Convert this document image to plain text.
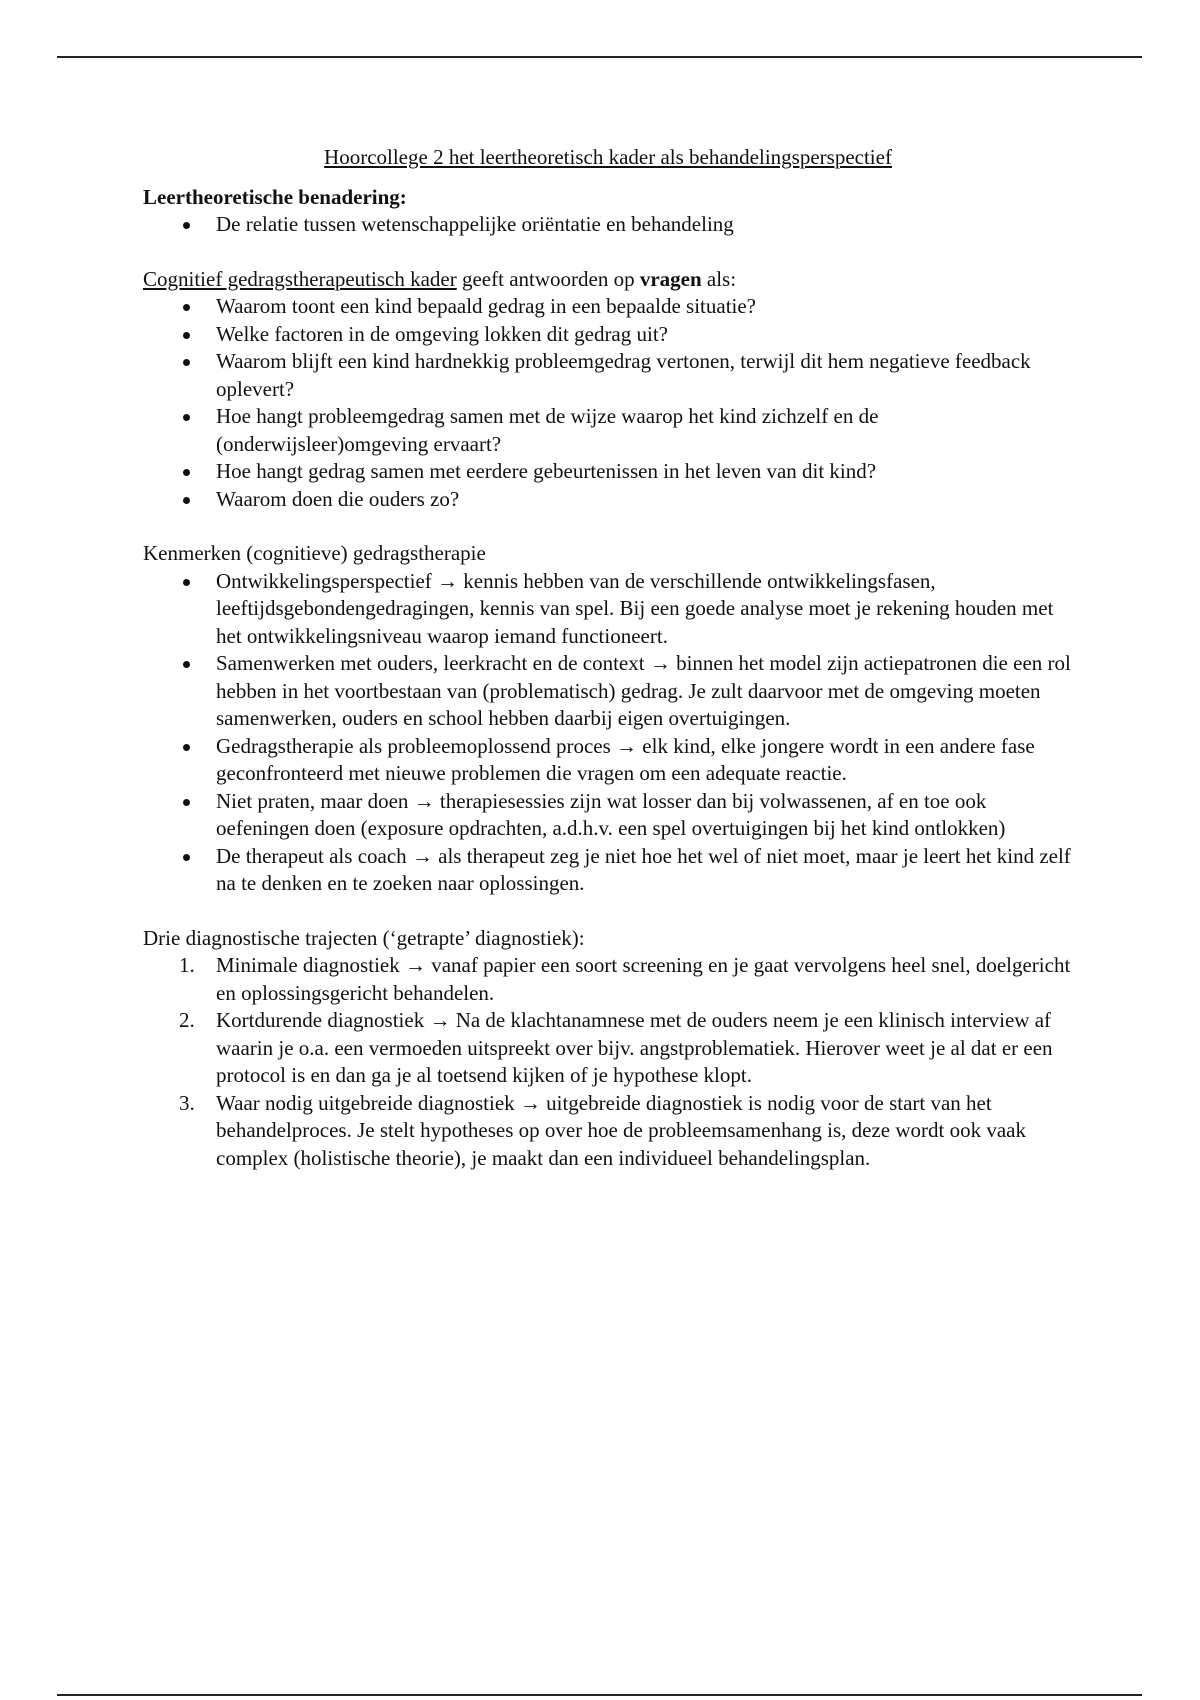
Hoorcollege 2 het leertheoretisch kader als behandelingsperspectief

Leertheoretische benadering:

De relatie tussen wetenschappelijke oriëntatie en behandeling

Cognitief gedragstherapeutisch kader geeft antwoorden op vragen als:

Waarom toont een kind bepaald gedrag in een bepaalde situatie?
Welke factoren in de omgeving lokken dit gedrag uit?
Waarom blijft een kind hardnekkig probleemgedrag vertonen, terwijl dit hem negatieve feedback oplevert?
Hoe hangt probleemgedrag samen met de wijze waarop het kind zichzelf en de (onderwijsleer)omgeving ervaart?
Hoe hangt gedrag samen met eerdere gebeurtenissen in het leven van dit kind?
Waarom doen die ouders zo?

Kenmerken (cognitieve) gedragstherapie

Ontwikkelingsperspectief → kennis hebben van de verschillende ontwikkelingsfasen, leeftijdsgebondengedragingen, kennis van spel. Bij een goede analyse moet je rekening houden met het ontwikkelingsniveau waarop iemand functioneert.
Samenwerken met ouders, leerkracht en de context → binnen het model zijn actiepatronen die een rol hebben in het voortbestaan van (problematisch) gedrag. Je zult daarvoor met de omgeving moeten samenwerken, ouders en school hebben daarbij eigen overtuigingen.
Gedragstherapie als probleemoplossend proces → elk kind, elke jongere wordt in een andere fase geconfronteerd met nieuwe problemen die vragen om een adequate reactie.
Niet praten, maar doen → therapiesessies zijn wat losser dan bij volwassenen, af en toe ook oefeningen doen (exposure opdrachten, a.d.h.v. een spel overtuigingen bij het kind ontlokken)
De therapeut als coach → als therapeut zeg je niet hoe het wel of niet moet, maar je leert het kind zelf na te denken en te zoeken naar oplossingen.

Drie diagnostische trajecten (‘getrapte’ diagnostiek):

1. Minimale diagnostiek → vanaf papier een soort screening en je gaat vervolgens heel snel, doelgericht en oplossingsgericht behandelen.
2. Kortdurende diagnostiek → Na de klachtanamnese met de ouders neem je een klinisch interview af waarin je o.a. een vermoeden uitspreekt over bijv. angstproblematiek. Hierover weet je al dat er een protocol is en dan ga je al toetsend kijken of je hypothese klopt.
3. Waar nodig uitgebreide diagnostiek → uitgebreide diagnostiek is nodig voor de start van het behandelproces. Je stelt hypotheses op over hoe de probleemsamenhang is, deze wordt ook vaak complex (holistische theorie), je maakt dan een individueel behandelingsplan.
